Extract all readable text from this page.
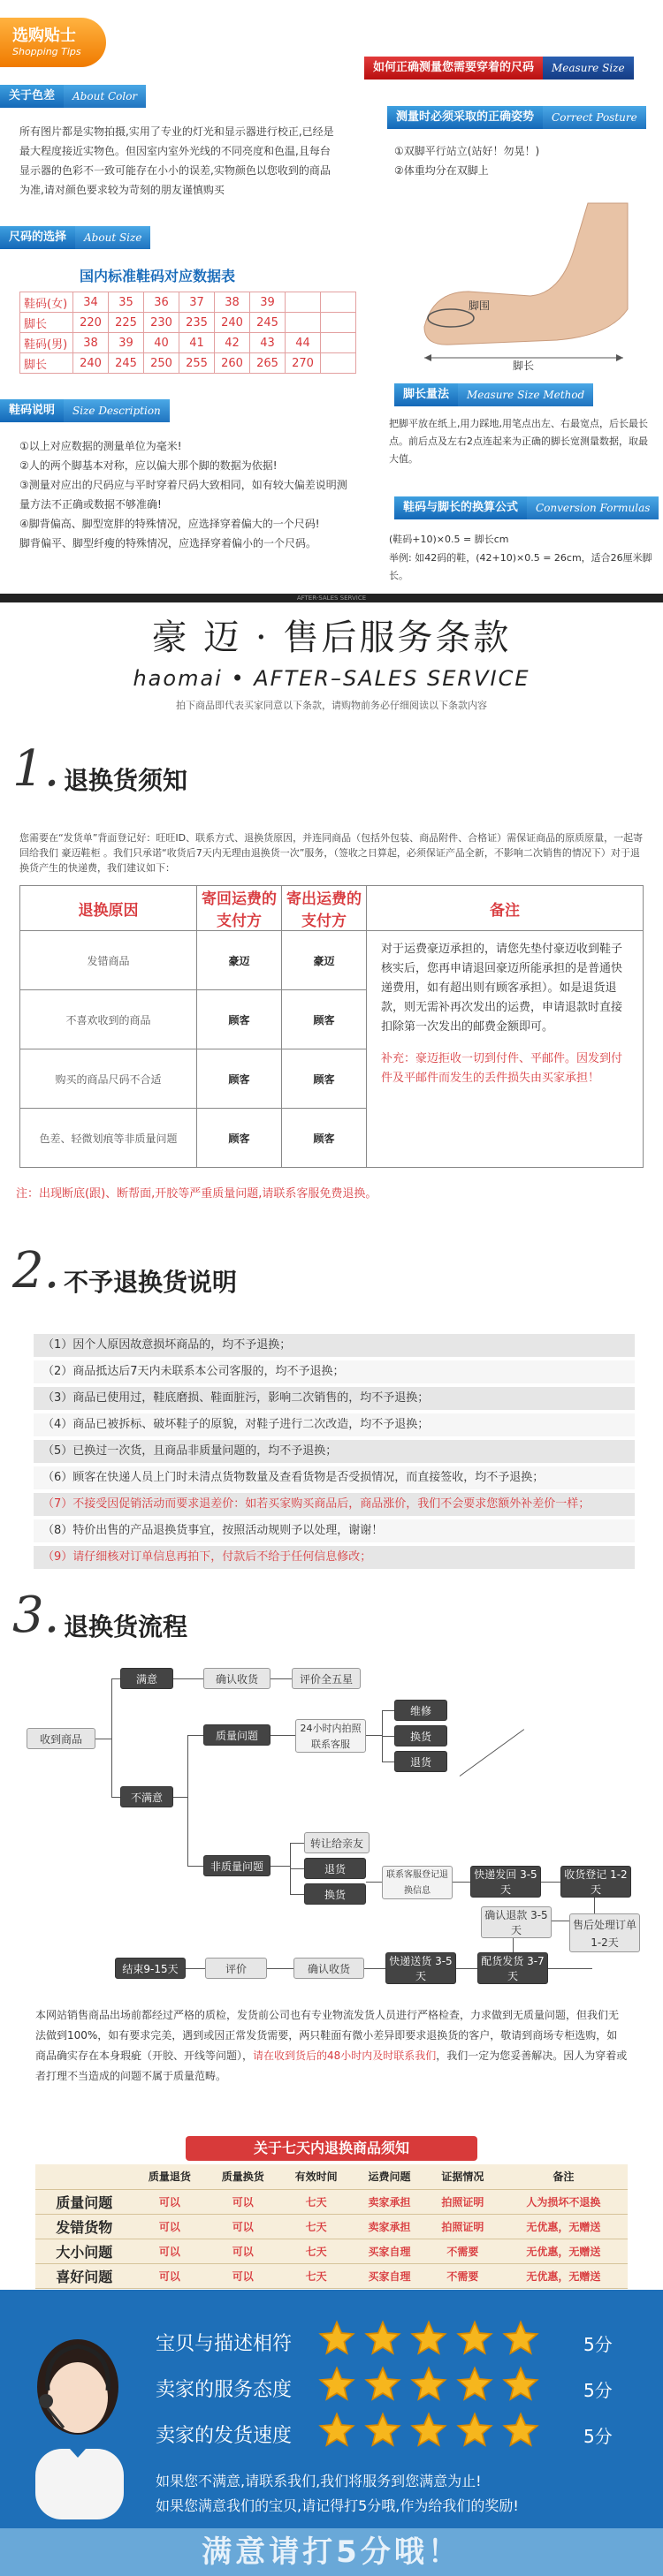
选购贴士
Shopping Tips
关于色差	About Color
所有图片都是实物拍摄,实用了专业的灯光和显示器进行校正,已经是最大程度接近实物色。但因室内室外光线的不同亮度和色温,且每台显示器的色彩不一致可能存在小小的误差,实物颜色以您收到的商品为准,请对颜色要求较为苛刻的朋友谨慎购买
尺码的选择	About Size
国内标准鞋码对应数据表
鞋码(女)	34	35	36	37	38	39		
脚长	220	225	230	235	240	245		
鞋码(男)	38	39	40	41	42	43	44	
脚长	240	245	250	255	260	265	270	
鞋码说明	Size Description
①以上对应数据的测量单位为毫米!
②人的两个脚基本对称，应以偏大那个脚的数据为依据!
③测量对应出的尺码应与平时穿着尺码大致相同，如有较大偏差说明测量方法不正确或数据不够准确!
④脚背偏高、脚型宽胖的特殊情况，应选择穿着偏大的一个尺码!
脚背偏平、脚型纤瘦的特殊情况，应选择穿着偏小的一个尺码。
如何正确测量您需要穿着的尺码	Measure Size
测量时必须采取的正确姿势	Correct Posture
①双脚平行站立(站好！勿晃！)
②体重均分在双脚上
脚围
脚长
脚长量法	Measure Size Method
把脚平放在纸上,用力踩地,用笔点出左、右最宽点，后长最长点。前后点及左右2点连起来为正确的脚长宽测量数据，取最大值。
鞋码与脚长的换算公式	Conversion Formulas
(鞋码+10)×0.5 = 脚长cm
举例: 如42码的鞋，(42+10)×0.5 = 26cm，适合26厘米脚长。
AFTER-SALES SERVICE
豪 迈 · 售后服务条款
haomai • AFTER–SALES SERVICE
拍下商品即代表买家同意以下条款，请购物前务必仔细阅读以下条款内容
1. 退换货须知
您需要在“发货单”背面登记好：旺旺ID、联系方式、退换货原因，并连同商品（包括外包装、商品附件、合格证）需保证商品的原质原量，一起寄回给我们 豪迈鞋柜 。我们只承诺“收货后7天内无理由退换货一次”服务，（签收之日算起，必须保证产品全新，不影响二次销售的情况下）对于退换货产生的快递费，我们建议如下：
退换原因	寄回运费的支付方	寄出运费的支付方	备注
发错商品	豪迈	豪迈	对于运费豪迈承担的，请您先垫付豪迈收到鞋子核实后，您再申请退回豪迈所能承担的是普通快递费用，如有超出则有顾客承担）。如是退货退款，则无需补再次发出的运费，申请退款时直接扣除第一次发出的邮费金额即可。
补充：豪迈拒收一切到付件、平邮件。因发到付件及平邮件而发生的丢件损失由买家承担！

不喜欢收到的商品	顾客	顾客	
购买的商品尺码不合适	顾客	顾客	
色差、轻微划痕等非质量问题	顾客	顾客	
注：出现断底(跟)、断帮面,开胶等严重质量问题,请联系客服免费退换。
2. 不予退换货说明
（1）因个人原因故意损坏商品的，均不予退换；
（2）商品抵达后7天内未联系本公司客服的，均不予退换；
（3）商品已使用过，鞋底磨损、鞋面脏污，影响二次销售的，均不予退换；
（4）商品已被拆标、破坏鞋子的原貌，对鞋子进行二次改造，均不予退换；
（5）已换过一次货，且商品非质量问题的，均不予退换；
（6）顾客在快递人员上门时未清点货物数量及查看货物是否受损情况，而直接签收，均不予退换；
（7）不接受因促销活动而要求退差价：如若买家购买商品后，商品涨价，我们不会要求您额外补差价一样；
（8）特价出售的产品退换货事宜，按照活动规则予以处理，谢谢！
（9）请仔细核对订单信息再拍下，付款后不给于任何信息修改；
3. 退换货流程
收到商品
满意	确认收货	评价全五星
不满意
质量问题
24小时内拍照联系客服
维修
换货
退货
非质量问题
转让给亲友
退货
换货
联系客服登记退换信息
快递发回 3-5天
收货登记 1-2天
确认退款 3-5天	售后处理订单1-2天
结束9-15天	评价	确认收货
快递送货 3-5天
配货发货 3-7天
本网站销售商品出场前都经过严格的质检，发货前公司也有专业物流发货人员进行严格检查，力求做到无质量问题，但我们无法做到100%，如有要求完美，遇到或因正常发货需要，两只鞋面有微小差异即要求退换货的客户，敬请到商场专柜选购，如商品确实存在本身瑕疵（开胶、开线等问题），请在收到货后的48小时内及时联系我们，我们一定为您妥善解决。因人为穿着或者打理不当造成的问题不属于质量范畴。
关于七天内退换商品须知
	质量退货	质量换货	有效时间	运费问题	证据情况	备注
质量问题	可以	可以	七天	卖家承担	拍照证明	人为损坏不退换
发错货物	可以	可以	七天	卖家承担	拍照证明	无优惠，无赠送
大小问题	可以	可以	七天	买家自理	不需要	无优惠，无赠送
喜好问题	可以	可以	七天	买家自理	不需要	无优惠，无赠送
宝贝与描述相符
卖家的服务态度
卖家的发货速度
5分
5分
5分
如果您不满意,请联系我们,我们将服务到您满意为止!
如果您满意我们的宝贝,请记得打5分哦,作为给我们的奖励!
满意请打5分哦！
